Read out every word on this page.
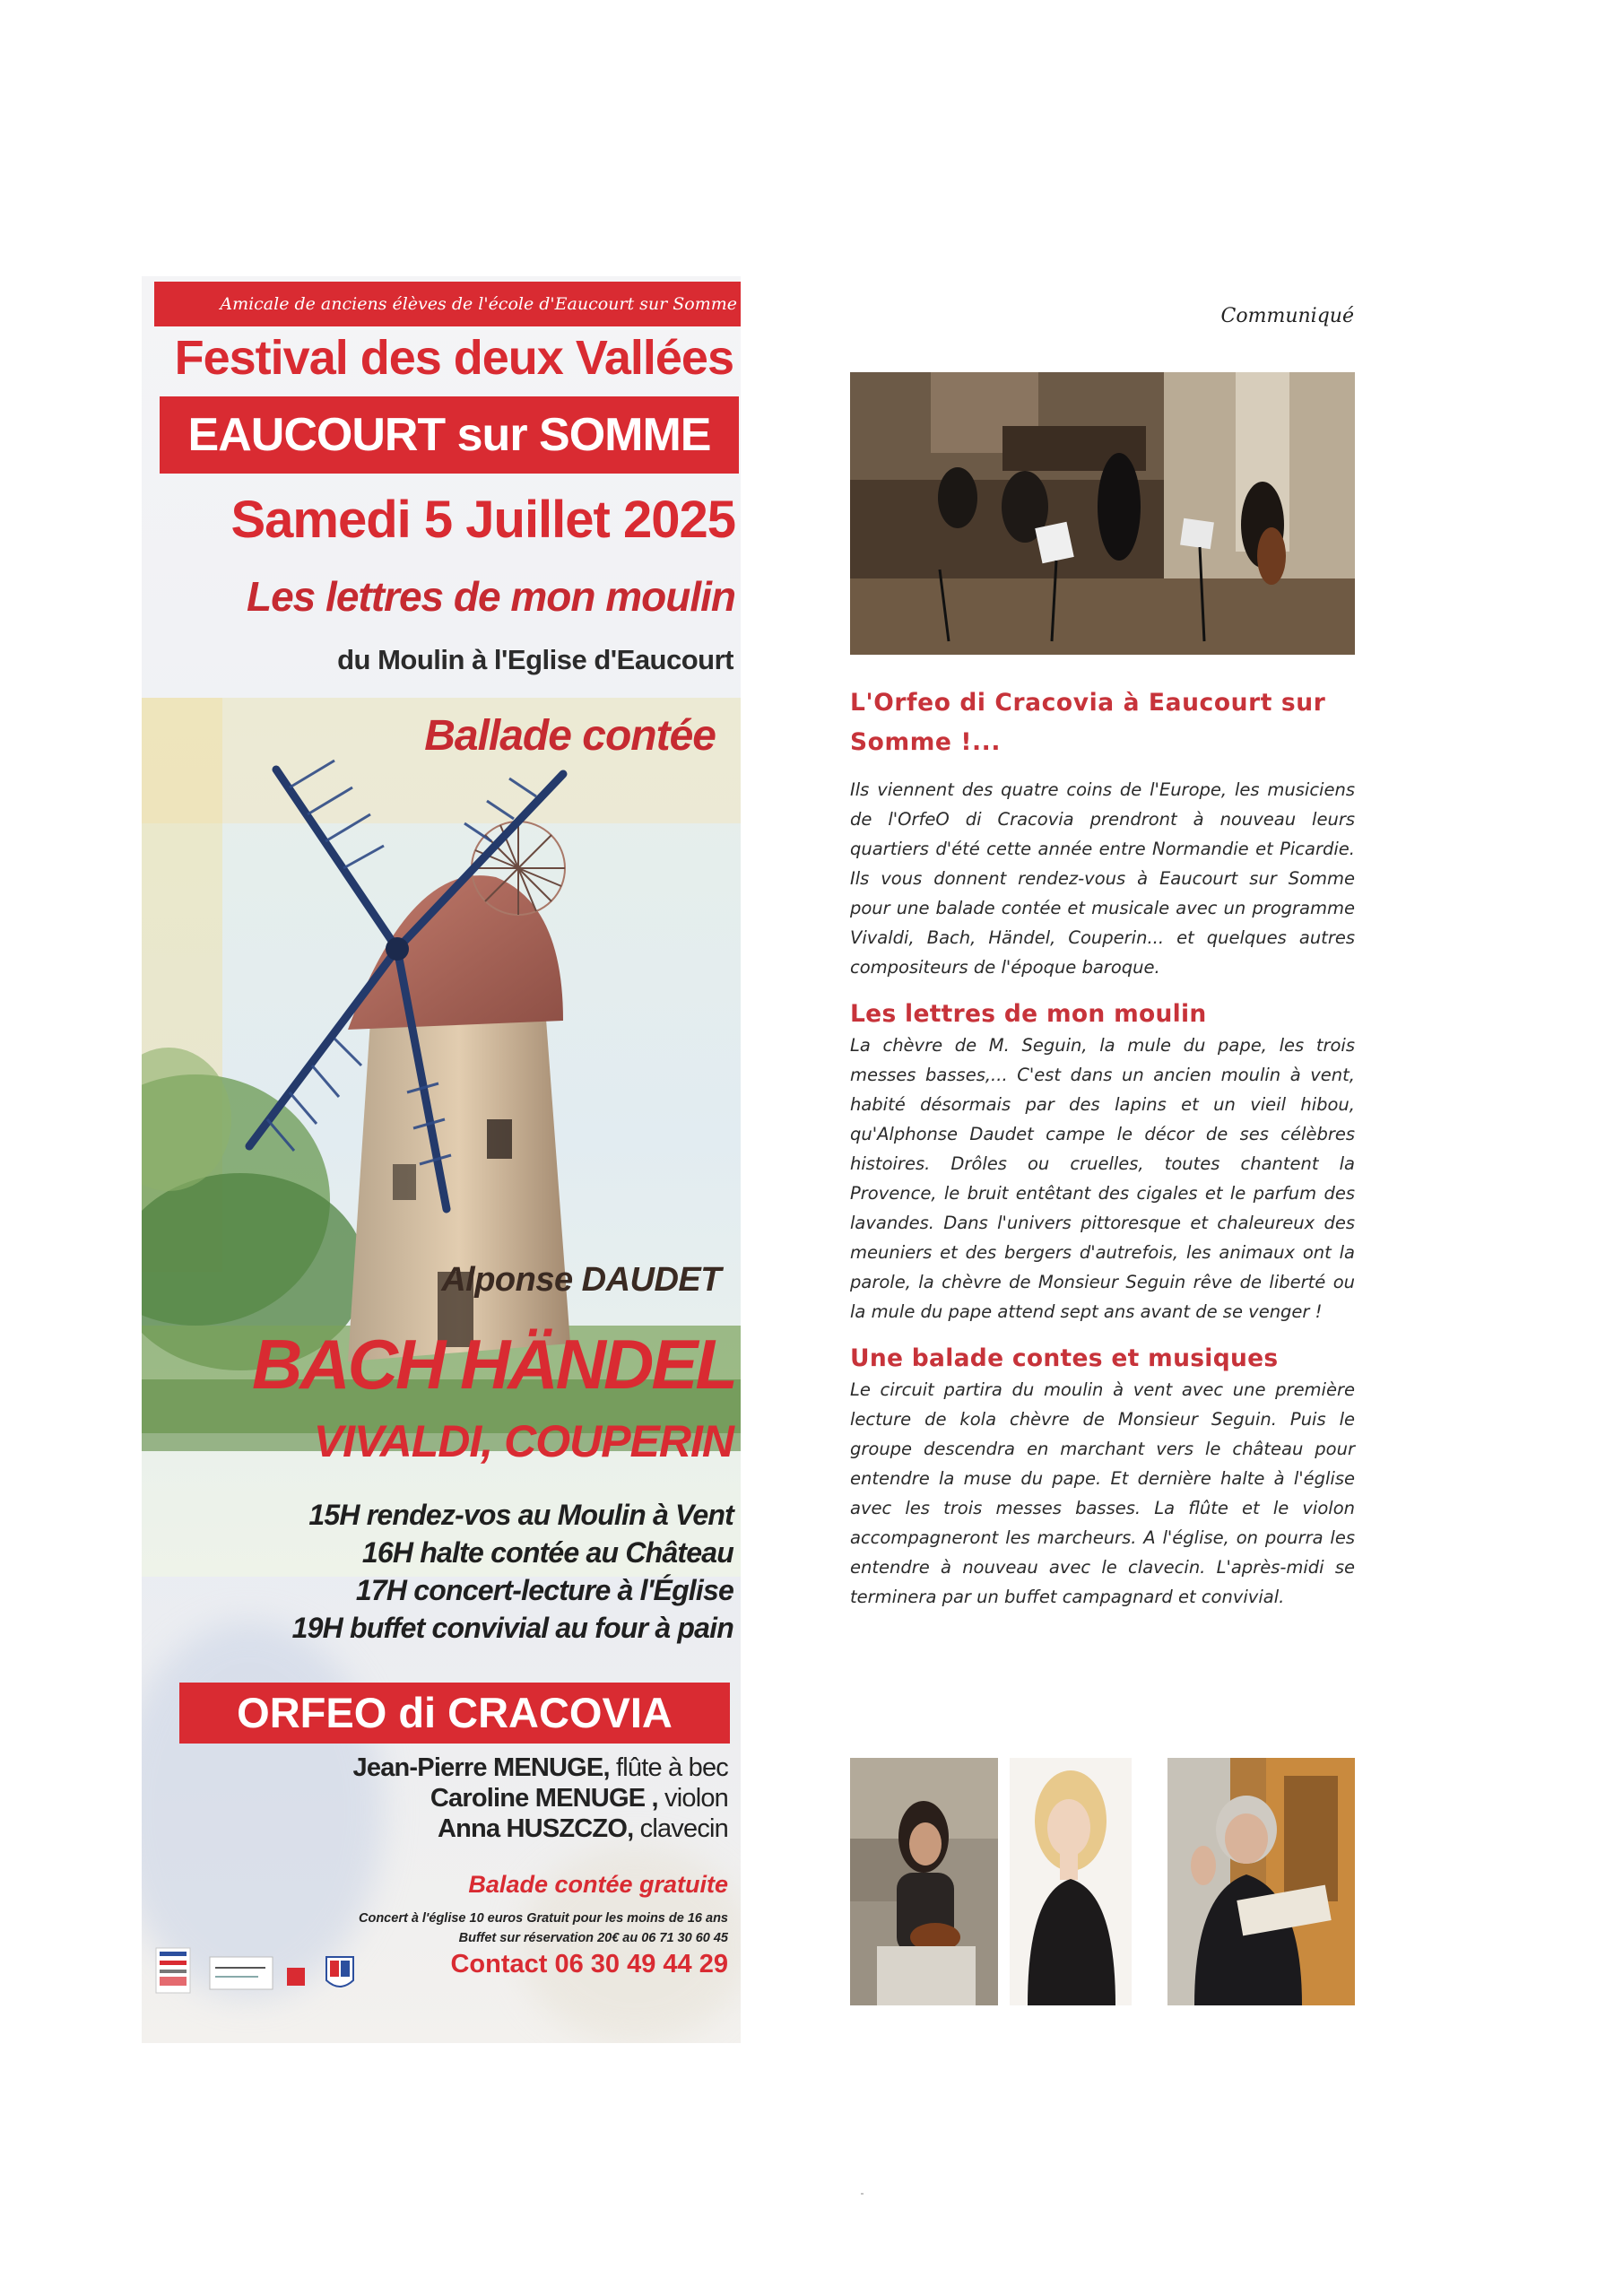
Amicale de anciens élèves de l'école d'Eaucourt sur Somme
Festival des deux Vallées
EAUCOURT sur SOMME
Samedi 5 Juillet 2025
Les lettres de mon moulin
du Moulin à l'Eglise d'Eaucourt
Ballade contée
Alponse DAUDET
BACH HÄNDEL
VIVALDI, COUPERIN
15H rendez-vos au Moulin à Vent
16H halte contée au Château
17H concert-lecture à l'Église
19H buffet convivial au four à pain
ORFEO di CRACOVIA
Jean-Pierre MENUGE, flûte à bec
Caroline MENUGE , violon
Anna HUSZCZO, clavecin
Balade contée gratuite
Concert à l'église 10 euros Gratuit pour les moins de 16 ans
Buffet sur réservation 20€ au 06 71 30 60 45
Contact 06 30 49 44 29
Communiqué
L'Orfeo di Cracovia à Eaucourt sur Somme !...

Ils viennent des quatre coins de l'Europe, les musiciens de l'OrfeO di Cracovia prendront à nouveau leurs quartiers d'été cette année entre Normandie et Picardie. Ils vous donnent rendez-vous à Eaucourt sur Somme pour une balade contée et musicale avec un programme Vivaldi, Bach, Händel, Couperin... et quelques autres compositeurs de l'époque baroque.

Les lettres de mon moulin

La chèvre de M. Seguin, la mule du pape, les trois messes basses,... C'est dans un ancien moulin à vent, habité désormais par des lapins et un vieil hibou, qu'Alphonse Daudet campe le décor de ses célèbres histoires. Drôles ou cruelles, toutes chantent la Provence, le bruit entêtant des cigales et le parfum des lavandes. Dans l'univers pittoresque et chaleureux des meuniers et des bergers d'autrefois, les animaux ont la parole, la chèvre de Monsieur Seguin rêve de liberté ou la mule du pape attend sept ans avant de se venger !

Une balade contes et musiques

Le circuit partira du moulin à vent avec une première lecture de kola chèvre de Monsieur Seguin. Puis le groupe descendra en marchant vers le château pour entendre la muse du pape. Et dernière halte à l'église avec les trois messes basses. La flûte et le violon accompagneront les marcheurs. A l'église, on pourra les entendre à nouveau avec le clavecin. L'après-midi se terminera par un buffet campagnard et convivial.
